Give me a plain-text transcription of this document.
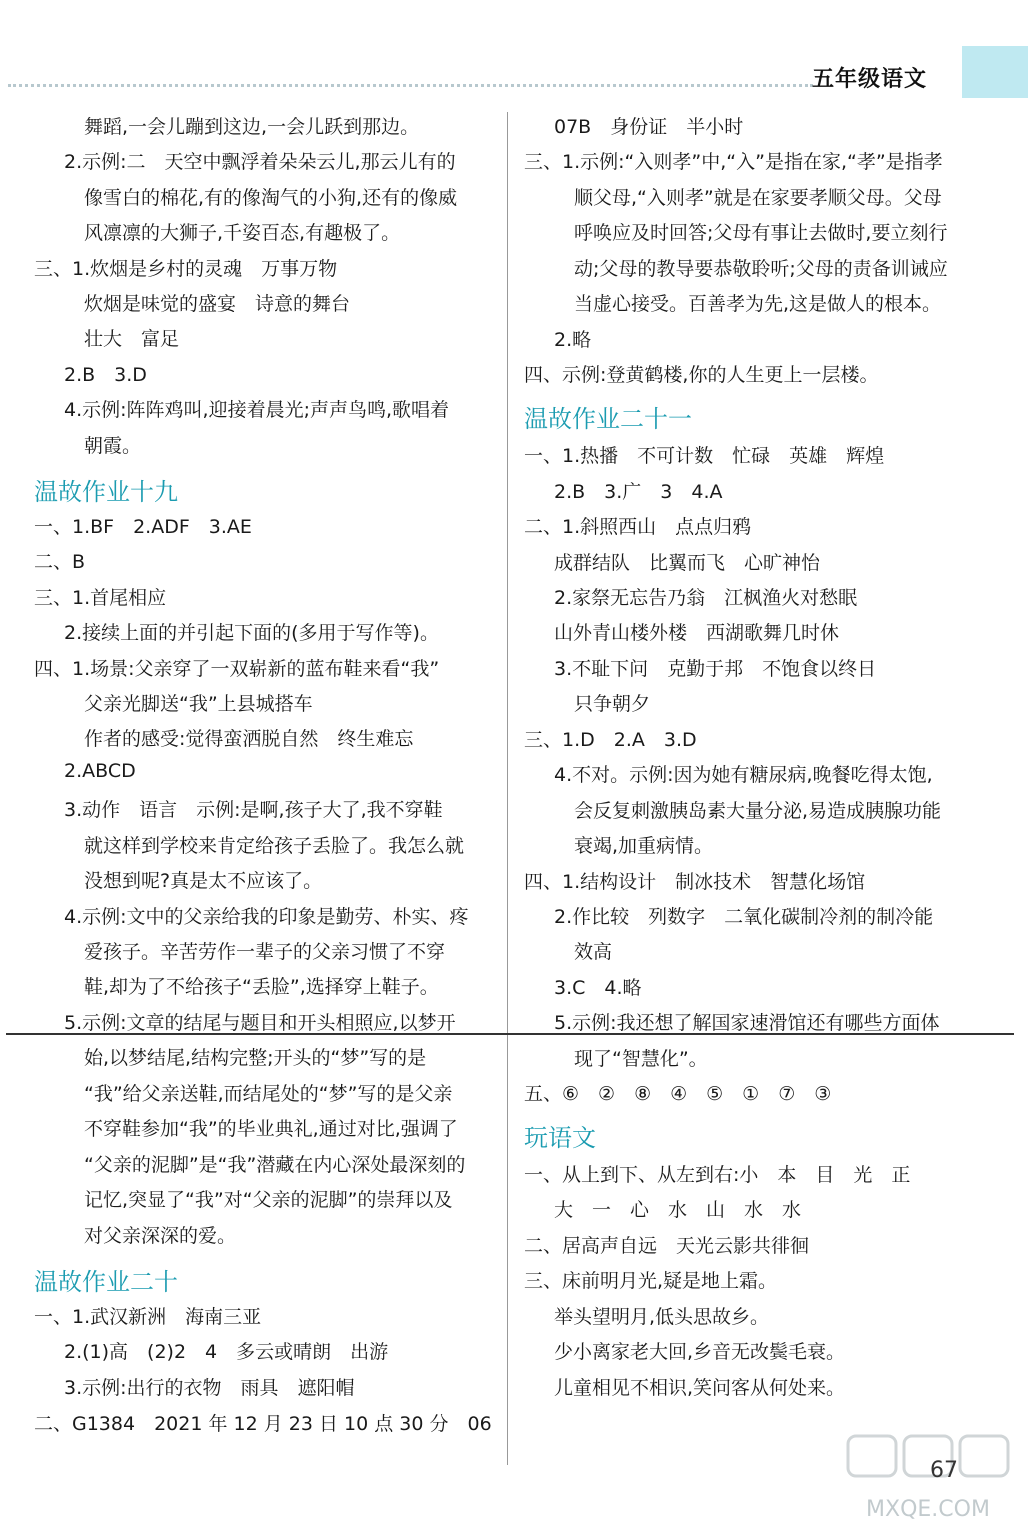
五年级语文
舞蹈,一会儿蹦到这边,一会儿跃到那边。
2.示例:二　天空中飘浮着朵朵云儿,那云儿有的
像雪白的棉花,有的像淘气的小狗,还有的像威
风凛凛的大狮子,千姿百态,有趣极了。
三、1.炊烟是乡村的灵魂　万事万物
炊烟是味觉的盛宴　诗意的舞台
壮大　富足
2.B　3.D
4.示例:阵阵鸡叫,迎接着晨光;声声鸟鸣,歌唱着
朝霞。
温故作业十九
一、1.BF　2.ADF　3.AE
二、B
三、1.首尾相应
2.接续上面的并引起下面的(多用于写作等)。
四、1.场景:父亲穿了一双崭新的蓝布鞋来看“我”
父亲光脚送“我”上县城搭车
作者的感受:觉得蛮洒脱自然　终生难忘
2.ABCD
3.动作　语言　示例:是啊,孩子大了,我不穿鞋
就这样到学校来肯定给孩子丢脸了。我怎么就
没想到呢?真是太不应该了。
4.示例:文中的父亲给我的印象是勤劳、朴实、疼
爱孩子。辛苦劳作一辈子的父亲习惯了不穿
鞋,却为了不给孩子“丢脸”,选择穿上鞋子。
5.示例:文章的结尾与题目和开头相照应,以梦开
始,以梦结尾,结构完整;开头的“梦”写的是
“我”给父亲送鞋,而结尾处的“梦”写的是父亲
不穿鞋参加“我”的毕业典礼,通过对比,强调了
“父亲的泥脚”是“我”潜藏在内心深处最深刻的
记忆,突显了“我”对“父亲的泥脚”的崇拜以及
对父亲深深的爱。
温故作业二十
一、1.武汉新洲　海南三亚
2.(1)高　(2)2　4　多云或晴朗　出游
3.示例:出行的衣物　雨具　遮阳帽
二、G1384　2021 年 12 月 23 日 10 点 30 分　06
07B　身份证　半小时
三、1.示例:“入则孝”中,“入”是指在家,“孝”是指孝
顺父母,“入则孝”就是在家要孝顺父母。父母
呼唤应及时回答;父母有事让去做时,要立刻行
动;父母的教导要恭敬聆听;父母的责备训诫应
当虚心接受。百善孝为先,这是做人的根本。
2.略
四、示例:登黄鹤楼,你的人生更上一层楼。
温故作业二十一
一、1.热播　不可计数　忙碌　英雄　辉煌
2.B　3.广　3　4.A
二、1.斜照西山　点点归鸦
成群结队　比翼而飞　心旷神怡
2.家祭无忘告乃翁　江枫渔火对愁眠
山外青山楼外楼　西湖歌舞几时休
3.不耻下问　克勤于邦　不饱食以终日
只争朝夕
三、1.D　2.A　3.D
4.不对。示例:因为她有糖尿病,晚餐吃得太饱,
会反复刺激胰岛素大量分泌,易造成胰腺功能
衰竭,加重病情。
四、1.结构设计　制冰技术　智慧化场馆
2.作比较　列数字　二氧化碳制冷剂的制冷能
效高
3.C　4.略
5.示例:我还想了解国家速滑馆还有哪些方面体
现了“智慧化”。
五、⑥　②　⑧　④　⑤　①　⑦　③
玩语文
一、从上到下、从左到右:小　本　目　光　正
大　一　心　水　山　水　水
二、居高声自远　天光云影共徘徊
三、床前明月光,疑是地上霜。
举头望明月,低头思故乡。
少小离家老大回,乡音无改鬓毛衰。
儿童相见不相识,笑问客从何处来。
MXQE.COM
67
